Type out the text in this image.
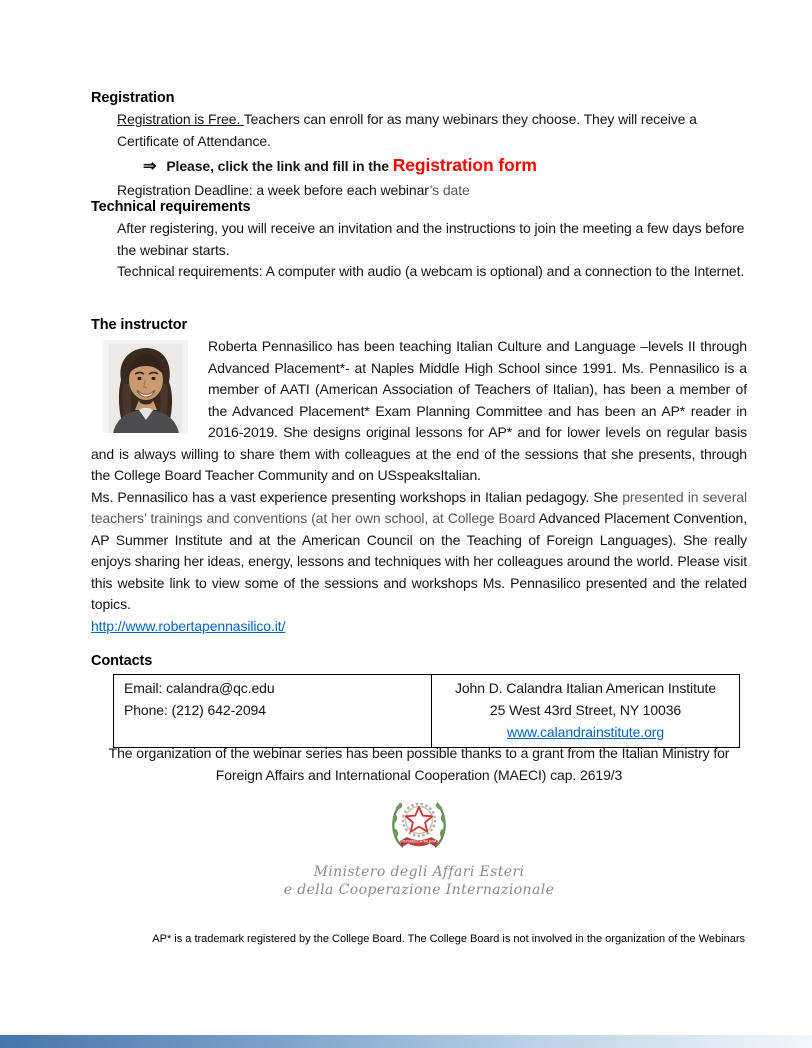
Registration

Registration is Free. Teachers can enroll for as many webinars they choose. They will receive a Certificate of Attendance.

⇒ Please, click the link and fill in the Registration form

Registration Deadline: a week before each webinar’s date

Technical requirements

After registering, you will receive an invitation and the instructions to join the meeting a few days before the webinar starts.

Technical requirements: A computer with audio (a webcam is optional) and a connection to the Internet.

The instructor

Roberta Pennasilico has been teaching Italian Culture and Language –levels II through Advanced Placement*- at Naples Middle High School since 1991. Ms. Pennasilico is a member of AATI (American Association of Teachers of Italian), has been a member of the Advanced Placement* Exam Planning Committee and has been an AP* reader in 2016-2019. She designs original lessons for AP* and for lower levels on regular basis and is always willing to share them with colleagues at the end of the sessions that she presents, through the College Board Teacher Community and on USspeaksItalian.

Ms. Pennasilico has a vast experience presenting workshops in Italian pedagogy. She presented in several teachers’ trainings and conventions (at her own school, at College Board Advanced Placement Convention, AP Summer Institute and at the American Council on the Teaching of Foreign Languages). She really enjoys sharing her ideas, energy, lessons and techniques with her colleagues around the world. Please visit this website link to view some of the sessions and workshops Ms. Pennasilico presented and the related topics.
http://www.robertapennasilico.it/

Contacts
Email: calandra@qc.edu
Phone: (212) 642-2094

John D. Calandra Italian American Institute
25 West 43rd Street, NY 10036
www.calandrainstitute.org

The organization of the webinar series has been possible thanks to a grant from the Italian Ministry for Foreign Affairs and International Cooperation (MAECI) cap. 2619/3

REPVBBLICA ITALIANA
Ministero degli Affari Esteri
e della Cooperazione Internazionale
AP* is a trademark registered by the College Board. The College Board is not involved in the organization of the Webinars
